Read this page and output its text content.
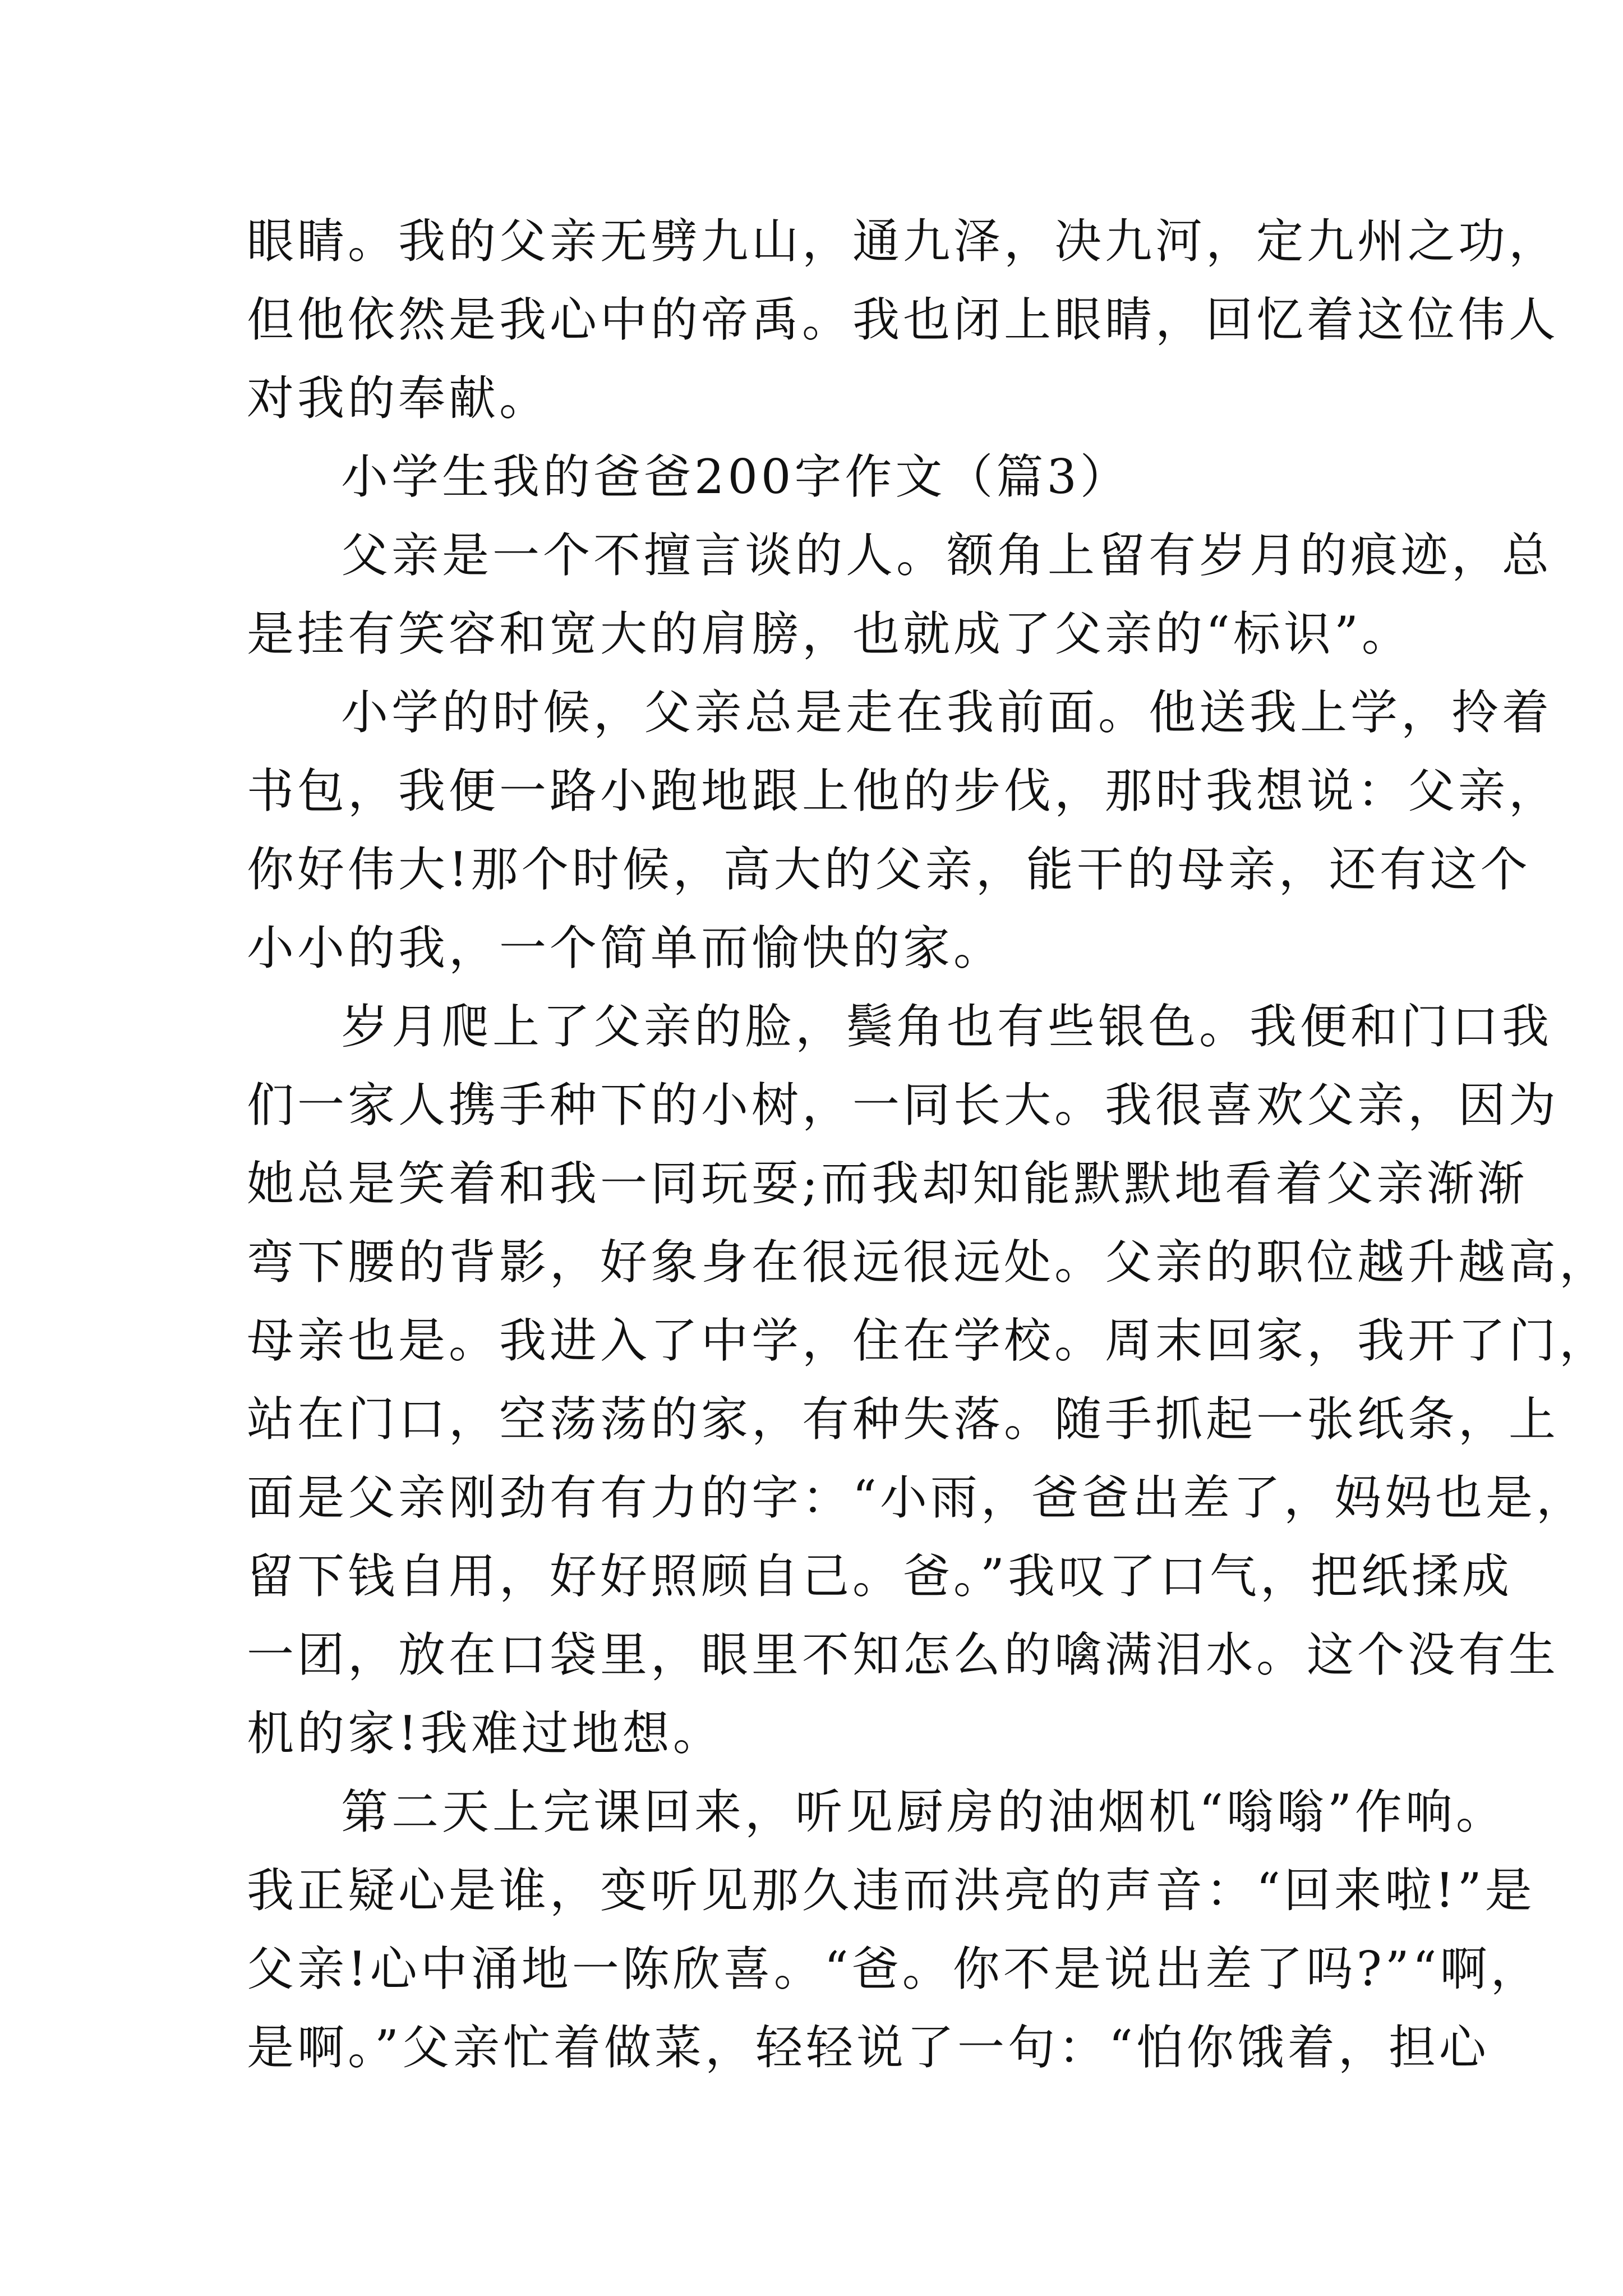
眼睛。我的父亲无劈九山，通九泽，决九河，定九州之功，
但他依然是我心中的帝禹。我也闭上眼睛，回忆着这位伟人
对我的奉献。

小学生我的爸爸200字作文（篇3）

父亲是一个不擅言谈的人。额角上留有岁月的痕迹，总
是挂有笑容和宽大的肩膀，也就成了父亲的“标识”。

小学的时候，父亲总是走在我前面。他送我上学，拎着
书包，我便一路小跑地跟上他的步伐，那时我想说：父亲，
你好伟大!那个时候，高大的父亲，能干的母亲，还有这个
小小的我，一个简单而愉快的家。

岁月爬上了父亲的脸，鬓角也有些银色。我便和门口我
们一家人携手种下的小树，一同长大。我很喜欢父亲，因为
她总是笑着和我一同玩耍;而我却知能默默地看着父亲渐渐
弯下腰的背影，好象身在很远很远处。父亲的职位越升越高，
母亲也是。我进入了中学，住在学校。周末回家，我开了门，
站在门口，空荡荡的家，有种失落。随手抓起一张纸条，上
面是父亲刚劲有有力的字：“小雨，爸爸出差了，妈妈也是，
留下钱自用，好好照顾自己。爸。”我叹了口气，把纸揉成
一团，放在口袋里，眼里不知怎么的噙满泪水。这个没有生
机的家!我难过地想。

第二天上完课回来，听见厨房的油烟机“嗡嗡”作响。
我正疑心是谁，变听见那久违而洪亮的声音：“回来啦!”是
父亲!心中涌地一陈欣喜。“爸。你不是说出差了吗?”“啊，
是啊。”父亲忙着做菜，轻轻说了一句：“怕你饿着，担心
